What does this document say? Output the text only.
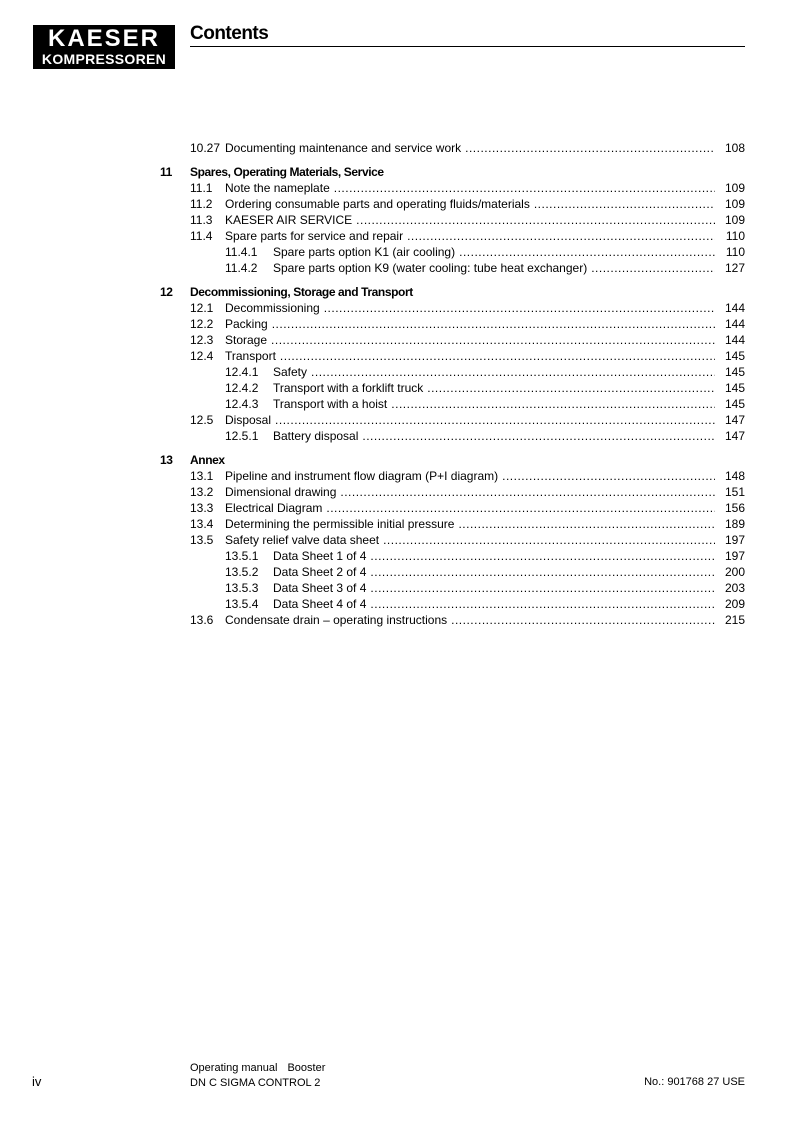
KAESER
KOMPRESSOREN
Contents
10.27 Documenting maintenance and service work .....	108
11 Spares, Operating Materials, Service
11.1 Note the nameplate .....	109
11.2 Ordering consumable parts and operating fluids/materials .....	109
11.3 KAESER AIR SERVICE .....	109
11.4 Spare parts for service and repair .....	110
11.4.1 Spare parts option K1 (air cooling) .....	110
11.4.2 Spare parts option K9 (water cooling: tube heat exchanger) .....	127
12 Decommissioning, Storage and Transport
12.1 Decommissioning .....	144
12.2 Packing .....	144
12.3 Storage .....	144
12.4 Transport .....	145
12.4.1 Safety .....	145
12.4.2 Transport with a forklift truck .....	145
12.4.3 Transport with a hoist .....	145
12.5 Disposal .....	147
12.5.1 Battery disposal .....	147
13 Annex
13.1 Pipeline and instrument flow diagram (P+I diagram) .....	148
13.2 Dimensional drawing .....	151
13.3 Electrical Diagram .....	156
13.4 Determining the permissible initial pressure .....	189
13.5 Safety relief valve data sheet .....	197
13.5.1 Data Sheet 1 of 4 .....	197
13.5.2 Data Sheet 2 of 4 .....	200
13.5.3 Data Sheet 3 of 4 .....	203
13.5.4 Data Sheet 4 of 4 .....	209
13.6 Condensate drain – operating instructions .....	215
Operating manual Booster
DN C SIGMA CONTROL 2
iv	No.: 901768 27 USE
